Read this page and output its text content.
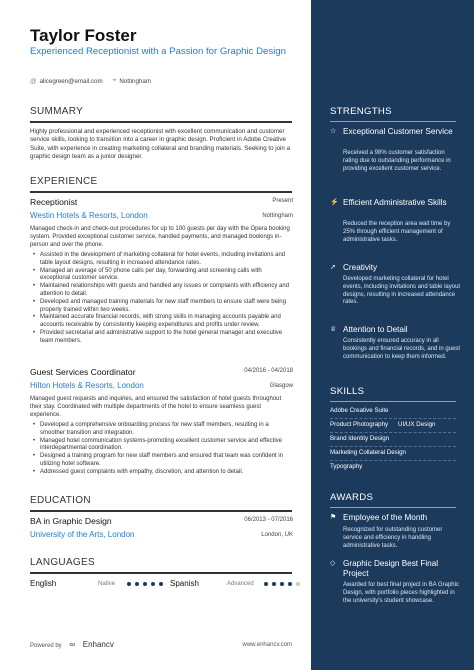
Taylor Foster
Experienced Receptionist with a Passion for Graphic Design
@ alicegreen@email.com ⌖ Nottingham
SUMMARY
Highly professional and experienced receptionist with excellent communication and customer service skills, looking to transition into a career in graphic design. Proficient in Adobe Creative Suite, with experience in creating marketing collateral and branding materials. Seeking to join a graphic design team as a junior designer.
EXPERIENCE
Receptionist	Present
Westin Hotels & Resorts, London	Nottingham
Managed check-in and check-out procedures for up to 100 guests per day with the Opera booking system. Provided exceptional customer service, handled payments, and managed bookings in-person and over the phone.
• Assisted in the development of marketing collateral for hotel events, including invitations and table layout designs, resulting in increased attendance rates.
• Managed an average of 50 phone calls per day, forwarding and screening calls with exceptional customer service.
• Maintained relationships with guests and handled any issues or complaints with efficiency and attention to detail.
• Developed and managed training materials for new staff members to ensure staff were being properly trained within two weeks.
• Maintained accurate financial records, with strong skills in managing accounts payable and accounts receivable by consistently keeping expenditures and profits under review.
• Provided secretarial and administrative support to the hotel general manager and executive team members.
Guest Services Coordinator	04/2016 - 04/2018
Hilton Hotels & Resorts, London	Glasgow
Managed guest requests and inquiries, and ensured the satisfaction of hotel guests throughout their stay. Coordinated with multiple departments of the hotel to ensure seamless guest experience.
• Developed a comprehensive onboarding process for new staff members, resulting in a smoother transition and integration.
• Managed hotel communication systems-promoting excellent customer service and effective interdepartmental coordination.
• Designed a training program for new staff members and ensured that team was confident in utilizing hotel software.
• Addressed guest complaints with empathy, discretion, and attention to detail.
EDUCATION
BA in Graphic Design	06/2013 - 07/2016
University of the Arts, London	London, UK
LANGUAGES
English	Native	Spanish	Advanced
Powered by ∞ Enhancv	www.enhancv.com
STRENGTHS
☆ Exceptional Customer Service
Received a 98% customer satisfaction rating due to outstanding performance in providing excellent customer service.
⚡ Efficient Administrative Skills
Reduced the reception area wait time by 25% through efficient management of administrative tasks.
➚ Creativity
Developed marketing collateral for hotel events, including invitations and table layout designs, resulting in increased attendance rates.
♕ Attention to Detail
Consistently ensured accuracy in all bookings and financial records, and in guest communication to keep them informed.
SKILLS
Adobe Creative Suite
Product Photography UI/UX Design
Brand Identity Design
Marketing Collateral Design
Typography
AWARDS
⚑ Employee of the Month
Recognized for outstanding customer service and efficiency in handling administrative tasks.
◇ Graphic Design Best Final Project
Awarded for best final project in BA Graphic Design, with portfolio pieces highlighted in the university's student showcase.
